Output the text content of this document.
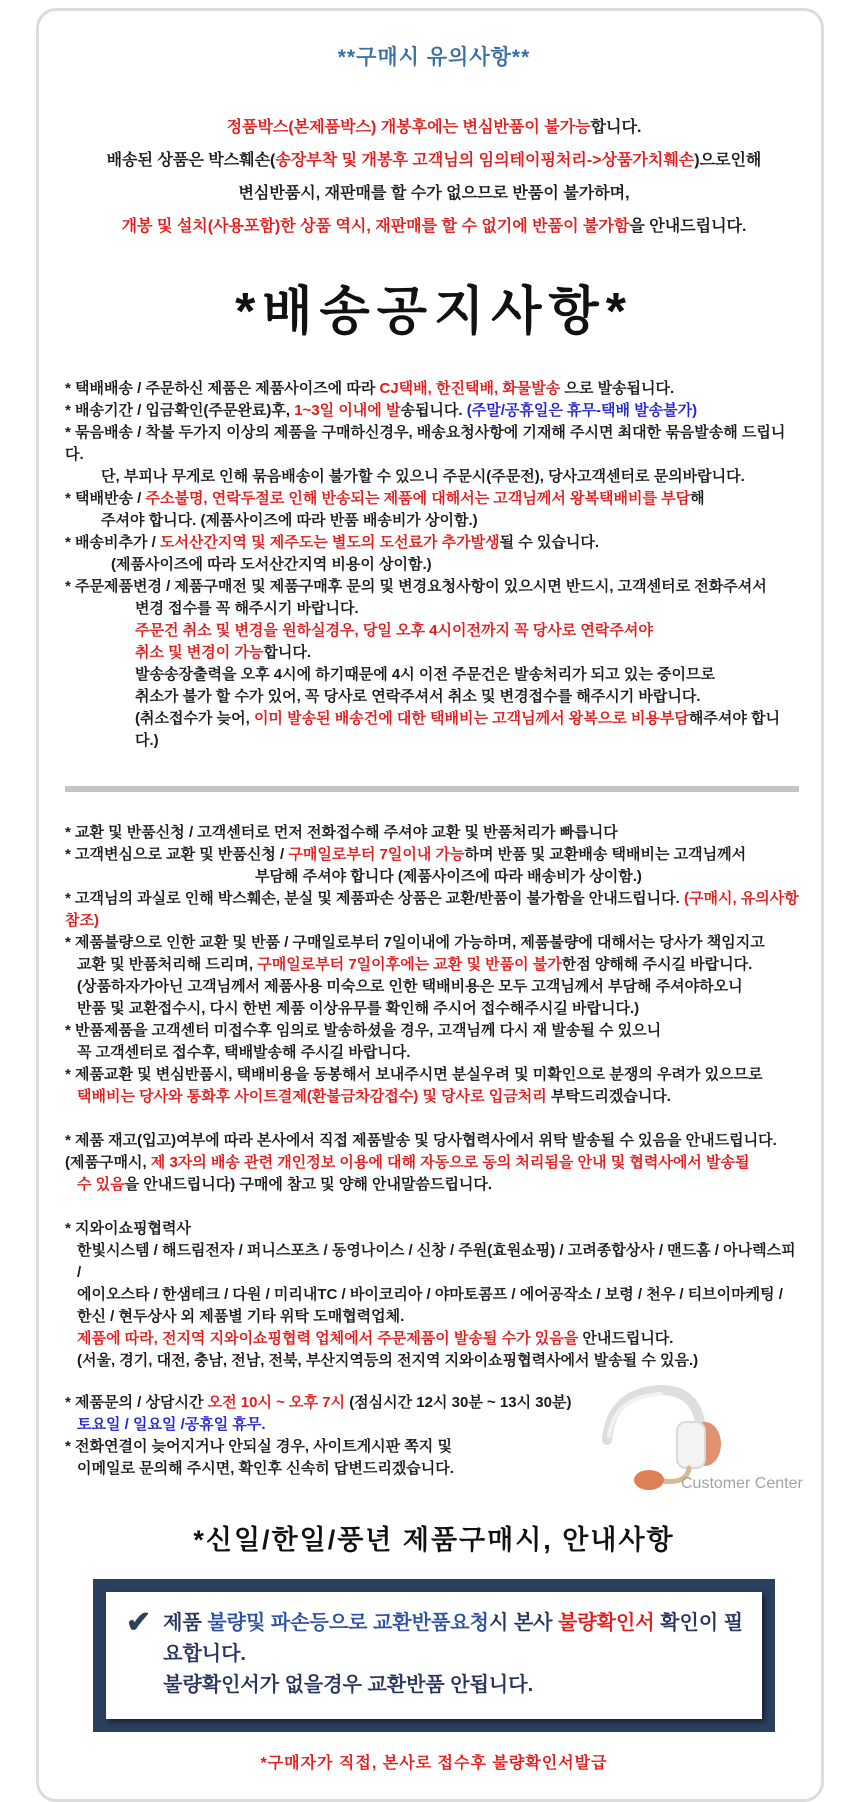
**구매시 유의사항**
정품박스(본제품박스) 개봉후에는 변심반품이 불가능합니다.
배송된 상품은 박스훼손(송장부착 및 개봉후 고객님의 임의테이핑처리->상품가치훼손)으로인해
변심반품시, 재판매를 할 수가 없으므로 반품이 불가하며,
개봉 및 설치(사용포함)한 상품 역시, 재판매를 할 수 없기에 반품이 불가함을 안내드립니다.
*배송공지사항*
* 택배배송 / 주문하신 제품은 제품사이즈에 따라 CJ택배, 한진택배, 화물발송 으로 발송됩니다.
* 배송기간 / 입금확인(주문완료)후, 1~3일 이내에 발송됩니다. (주말/공휴일은 휴무-택배 발송불가)
* 묶음배송 / 착불 두가지 이상의 제품을 구매하신경우, 배송요청사항에 기재해 주시면 최대한 묶음발송해 드립니다.
단, 부피나 무게로 인해 묶음배송이 불가할 수 있으니 주문시(주문전), 당사고객센터로 문의바랍니다.
* 택배반송 / 주소불명, 연락두절로 인해 반송되는 제품에 대해서는 고객님께서 왕복택배비를 부담해
주셔야 합니다. (제품사이즈에 따라 반품 배송비가 상이함.)
* 배송비추가 / 도서산간지역 및 제주도는 별도의 도선료가 추가발생될 수 있습니다.
(제품사이즈에 따라 도서산간지역 비용이 상이함.)
* 주문제품변경 / 제품구매전 및 제품구매후 문의 및 변경요청사항이 있으시면 반드시, 고객센터로 전화주셔서
변경 접수를 꼭 해주시기 바랍니다.
주문건 취소 및 변경을 원하실경우, 당일 오후 4시이전까지 꼭 당사로 연락주셔야
취소 및 변경이 가능합니다.
발송송장출력을 오후 4시에 하기때문에 4시 이전 주문건은 발송처리가 되고 있는 중이므로
취소가 불가 할 수가 있어, 꼭 당사로 연락주셔서 취소 및 변경접수를 해주시기 바랍니다.
(취소접수가 늦어, 이미 발송된 배송건에 대한 택배비는 고객님께서 왕복으로 비용부담해주셔야 합니다.)
* 교환 및 반품신청 / 고객센터로 먼저 전화접수해 주셔야 교환 및 반품처리가 빠릅니다
* 고객변심으로 교환 및 반품신청 / 구매일로부터 7일이내 가능하며 반품 및 교환배송 택배비는 고객님께서
부담해 주셔야 합니다 (제품사이즈에 따라 배송비가 상이함.)
* 고객님의 과실로 인해 박스훼손, 분실 및 제품파손 상품은 교환/반품이 불가함을 안내드립니다. (구매시, 유의사항 참조)
* 제품불량으로 인한 교환 및 반품 / 구매일로부터 7일이내에 가능하며, 제품불량에 대해서는 당사가 책임지고
교환 및 반품처리해 드리며, 구매일로부터 7일이후에는 교환 및 반품이 불가한점 양해해 주시길 바랍니다.
(상품하자가아닌 고객님께서 제품사용 미숙으로 인한 택배비용은 모두 고객님께서 부담해 주셔야하오니
반품 및 교환접수시, 다시 한번 제품 이상유무를 확인해 주시어 접수해주시길 바랍니다.)
* 반품제품을 고객센터 미접수후 임의로 발송하셨을 경우, 고객님께 다시 재 발송될 수 있으니
꼭 고객센터로 접수후, 택배발송해 주시길 바랍니다.
* 제품교환 및 변심반품시, 택배비용을 동봉해서 보내주시면 분실우려 및 미확인으로 분쟁의 우려가 있으므로
택배비는 당사와 통화후 사이트결제(환불금차감접수) 및 당사로 입금처리 부탁드리겠습니다.
* 제품 재고(입고)여부에 따라 본사에서 직접 제품발송 및 당사협력사에서 위탁 발송될 수 있음을 안내드립니다.
(제품구매시, 제 3자의 배송 관련 개인정보 이용에 대해 자동으로 동의 처리됨을 안내 및 협력사에서 발송될
수 있음을 안내드립니다) 구매에 참고 및 양해 안내말씀드립니다.
* 지와이쇼핑협력사
한빛시스템 / 해드림전자 / 퍼니스포츠 / 동영나이스 / 신창 / 주원(효원쇼핑) / 고려종합상사 / 맨드홈 / 아나렉스피 /
에이오스타 / 한샘테크 / 다원 / 미리내TC / 바이코리아 / 야마토콤프 / 에어공작소 / 보령 / 천우 / 티브이마케팅 /
한신 / 현두상사 외 제품별 기타 위탁 도매협력업체.
제품에 따라, 전지역 지와이쇼핑협력 업체에서 주문제품이 발송될 수가 있음을 안내드립니다.
(서울, 경기, 대전, 충남, 전남, 전북, 부산지역등의 전지역 지와이쇼핑협력사에서 발송될 수 있음.)
Customer Center
* 제품문의 / 상담시간 오전 10시 ~ 오후 7시 (점심시간 12시 30분 ~ 13시 30분)
토요일 / 일요일 /공휴일 휴무.
* 전화연결이 늦어지거나 안되실 경우, 사이트게시판 쪽지 및
이메일로 문의해 주시면, 확인후 신속히 답변드리겠습니다.
*신일/한일/풍년 제품구매시, 안내사항
✔ 제품 불량및 파손등으로 교환반품요청시 본사 불량확인서 확인이 필요합니다.
불량확인서가 없을경우 교환반품 안됩니다.
*구매자가 직접, 본사로 접수후 불량확인서발급
